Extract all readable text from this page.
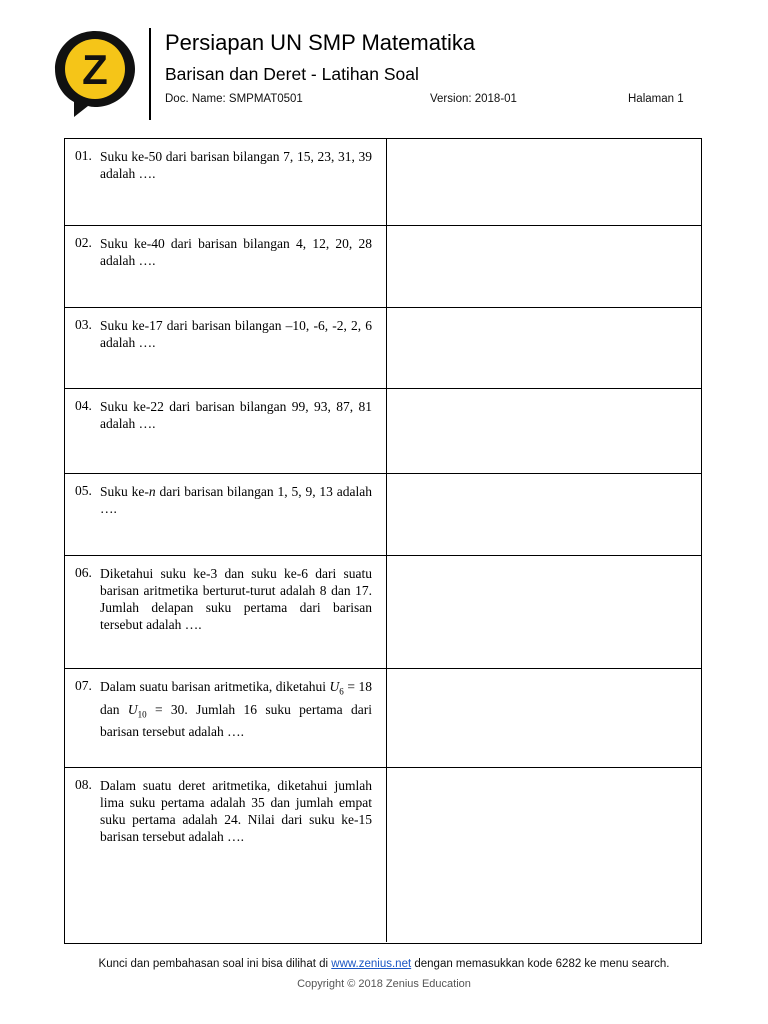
Z
Persiapan UN SMP Matematika
Barisan dan Deret - Latihan Soal
Doc. Name: SMPMAT0501	Version: 2018-01	Halaman 1
01. Suku ke-50 dari barisan bilangan 7, 15, 23, 31, 39 adalah ….
02. Suku ke-40 dari barisan bilangan 4, 12, 20, 28 adalah ….
03. Suku ke-17 dari barisan bilangan –10, -6, -2, 2, 6 adalah ….
04. Suku ke-22 dari barisan bilangan 99, 93, 87, 81 adalah ….
05. Suku ke-n dari barisan bilangan 1, 5, 9, 13 adalah ….
06. Diketahui suku ke-3 dan suku ke-6 dari suatu barisan aritmetika berturut-turut adalah 8 dan 17. Jumlah delapan suku pertama dari barisan tersebut adalah ….
07. Dalam suatu barisan aritmetika, diketahui $U_6 = 18$ dan $U_{10} = 30$. Jumlah 16 suku pertama dari barisan tersebut adalah ….
08. Dalam suatu deret aritmetika, diketahui jumlah lima suku pertama adalah 35 dan jumlah empat suku pertama adalah 24. Nilai dari suku ke-15 barisan tersebut adalah ….
Kunci dan pembahasan soal ini bisa dilihat di www.zenius.net dengan memasukkan kode 6282 ke menu search.
Copyright © 2018 Zenius Education
